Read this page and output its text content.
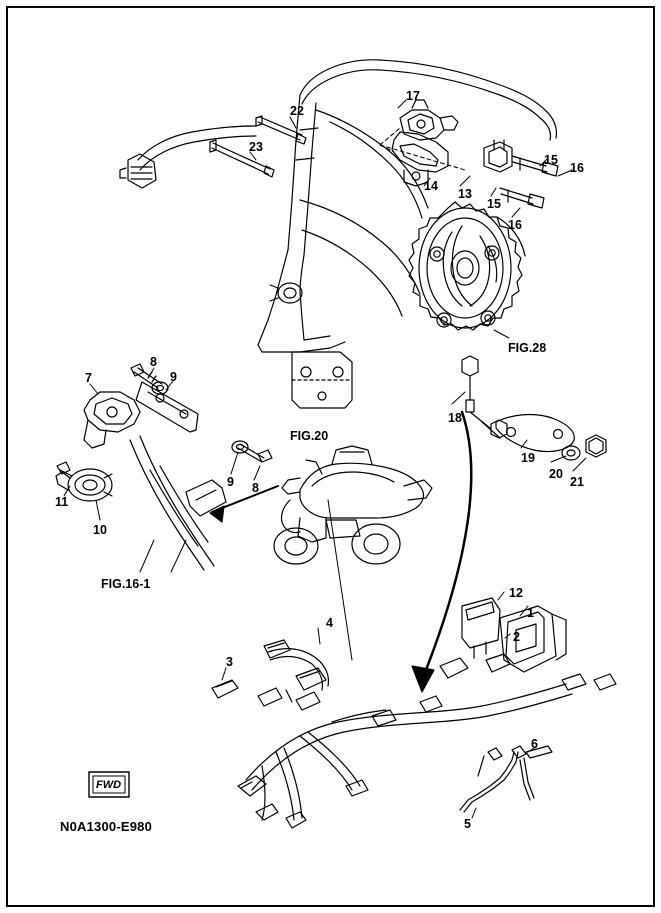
22
23
17
15
16
14
13
15
16
FIG.28
8
9
7
FIG.20
18
19
20
21
9 8
11
10
FIG.16-1
12
1
2
4
3
6
5
FWD
N0A1300-E980
